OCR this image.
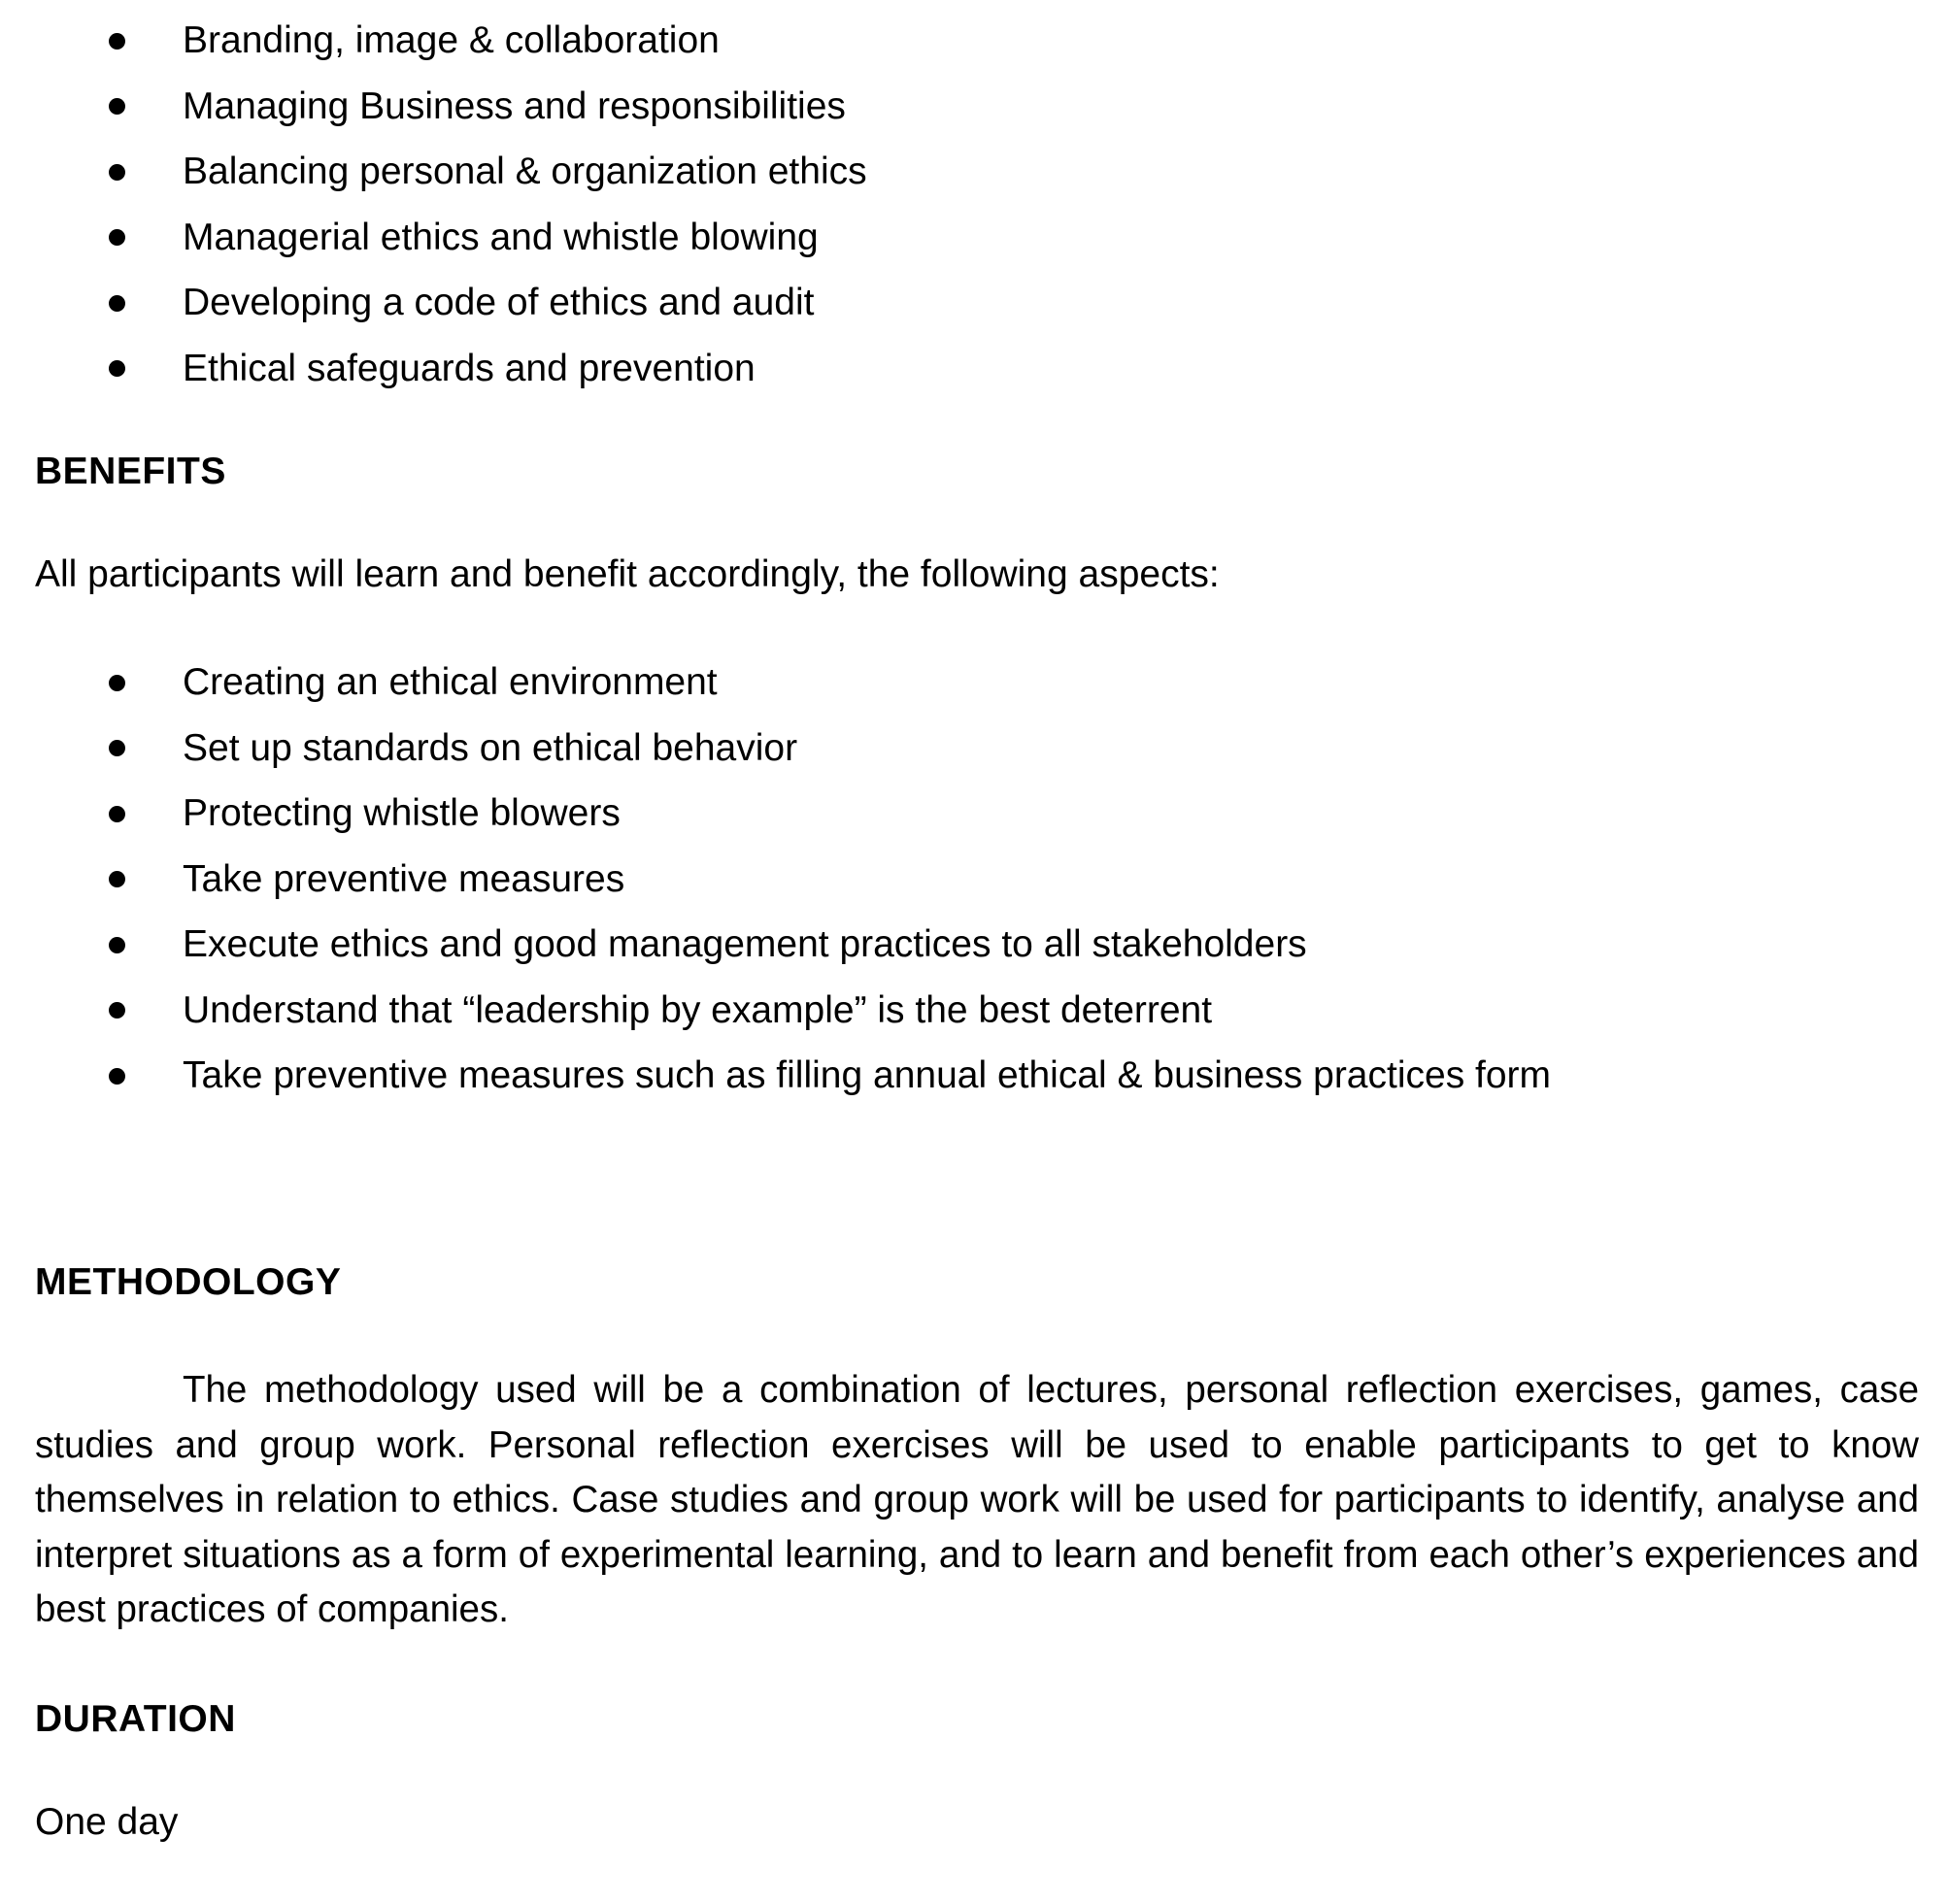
Branding, image & collaboration
Managing Business and responsibilities
Balancing personal & organization ethics
Managerial ethics and whistle blowing
Developing a code of ethics and audit
Ethical safeguards and prevention
BENEFITS

All participants will learn and benefit accordingly, the following aspects:

Creating an ethical environment
Set up standards on ethical behavior
Protecting whistle blowers
Take preventive measures
Execute ethics and good management practices to all stakeholders
Understand that “leadership by example” is the best deterrent
Take preventive measures such as filling annual ethical & business practices form
METHODOLOGY

The methodology used will be a combination of lectures, personal reflection exercises, games, case studies and group work. Personal reflection exercises will be used to enable participants to get to know themselves in relation to ethics. Case studies and group work will be used for participants to identify, analyse and interpret situations as a form of experimental learning, and to learn and benefit from each other’s experiences and best practices of companies.

DURATION

One day
